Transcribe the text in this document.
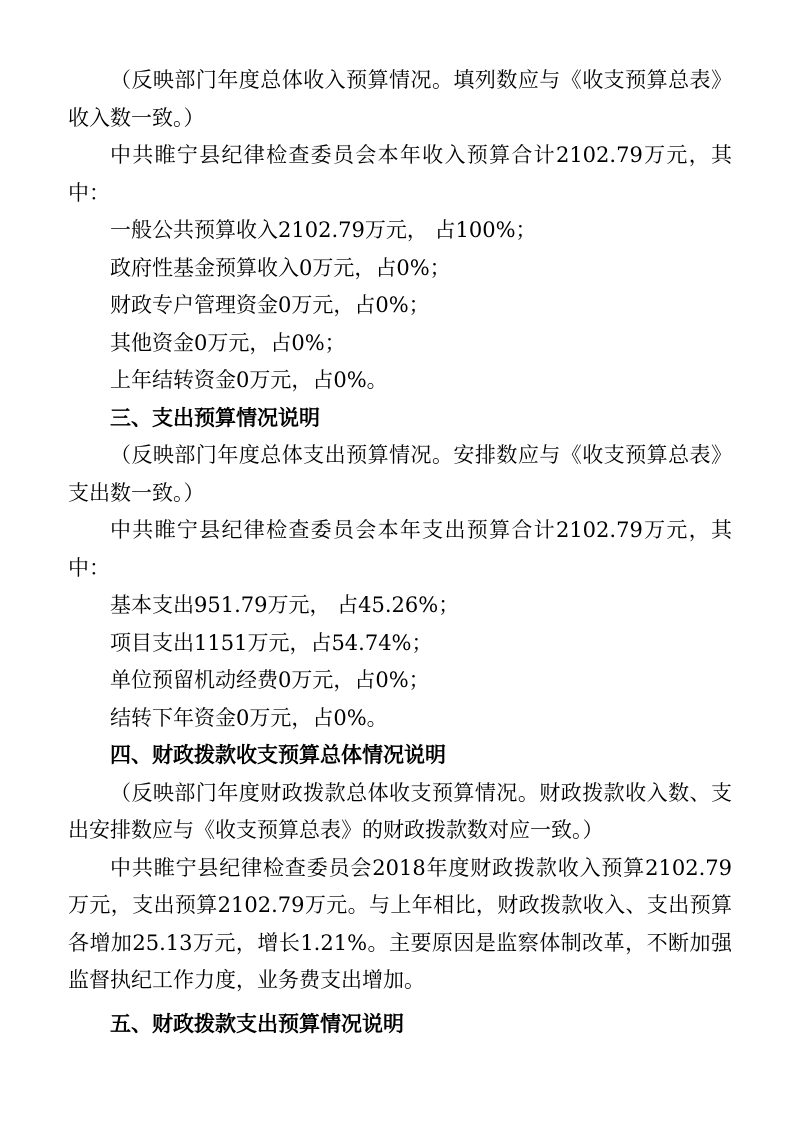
（反映部门年度总体收入预算情况。填列数应与《收支预算总表》收入数一致。）

中共睢宁县纪律检查委员会本年收入预算合计2102.79万元，其中：

一般公共预算收入2102.79万元， 占100%；

政府性基金预算收入0万元，占0%；

财政专户管理资金0万元，占0%；

其他资金0万元，占0%；

上年结转资金0万元，占0%。

三、支出预算情况说明

（反映部门年度总体支出预算情况。安排数应与《收支预算总表》支出数一致。）

中共睢宁县纪律检查委员会本年支出预算合计2102.79万元，其中：

基本支出951.79万元， 占45.26%；

项目支出1151万元，占54.74%；

单位预留机动经费0万元，占0%；

结转下年资金0万元，占0%。

四、财政拨款收支预算总体情况说明

（反映部门年度财政拨款总体收支预算情况。财政拨款收入数、支出安排数应与《收支预算总表》的财政拨款数对应一致。）

中共睢宁县纪律检查委员会2018年度财政拨款收入预算2102.79万元，支出预算2102.79万元。与上年相比，财政拨款收入、支出预算各增加25.13万元，增长1.21%。主要原因是监察体制改革，不断加强监督执纪工作力度，业务费支出增加。

五、财政拨款支出预算情况说明
